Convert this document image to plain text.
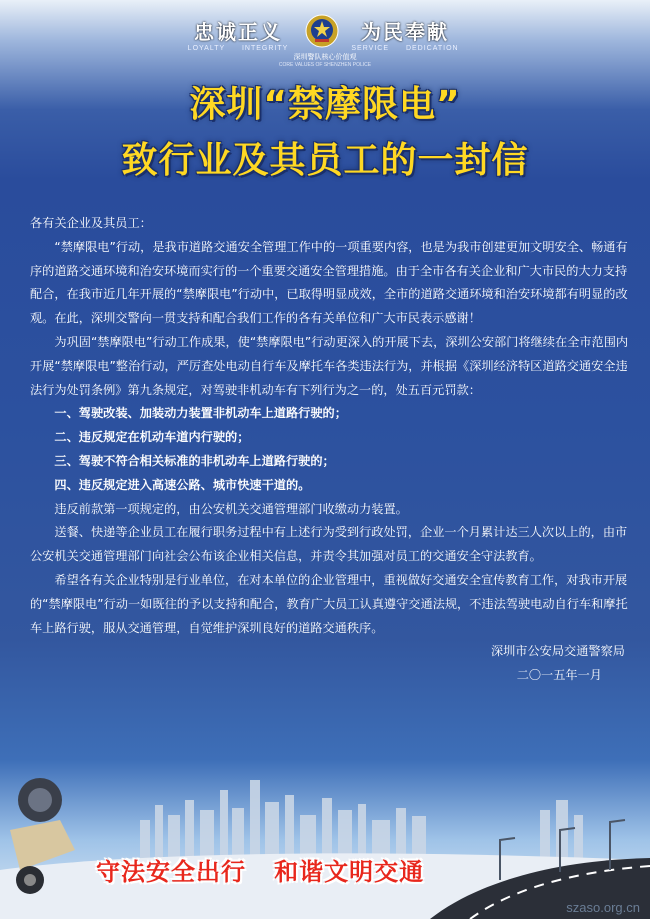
忠诚正义
LOYALTY INTEGRITY
为民奉献
SERVICE DEDICATION
深圳警队核心价值观
CORE VALUES OF SHENZHEN POLICE
深圳“禁摩限电”
致行业及其员工的一封信

各有关企业及其员工：

“禁摩限电”行动，是我市道路交通安全管理工作中的一项重要内容，也是为我市创建更加文明安全、畅通有序的道路交通环境和治安环境而实行的一个重要交通安全管理措施。由于全市各有关企业和广大市民的大力支持配合，在我市近几年开展的“禁摩限电”行动中，已取得明显成效，全市的道路交通环境和治安环境都有明显的改观。在此，深圳交警向一贯支持和配合我们工作的各有关单位和广大市民表示感谢！

为巩固“禁摩限电”行动工作成果，使“禁摩限电”行动更深入的开展下去，深圳公安部门将继续在全市范围内开展“禁摩限电”整治行动，严厉查处电动自行车及摩托车各类违法行为，并根据《深圳经济特区道路交通安全违法行为处罚条例》第九条规定，对驾驶非机动车有下列行为之一的，处五百元罚款：

一、驾驶改装、加装动力装置非机动车上道路行驶的；

二、违反规定在机动车道内行驶的；

三、驾驶不符合相关标准的非机动车上道路行驶的；

四、违反规定进入高速公路、城市快速干道的。

违反前款第一项规定的，由公安机关交通管理部门收缴动力装置。

送餐、快递等企业员工在履行职务过程中有上述行为受到行政处罚，企业一个月累计达三人次以上的，由市公安机关交通管理部门向社会公布该企业相关信息，并责令其加强对员工的交通安全守法教育。

希望各有关企业特别是行业单位，在对本单位的企业管理中，重视做好交通安全宣传教育工作，对我市开展的“禁摩限电”行动一如既往的予以支持和配合，教育广大员工认真遵守交通法规，不违法驾驶电动自行车和摩托车上路行驶，服从交通管理，自觉维护深圳良好的道路交通秩序。

深圳市公安局交通警察局

二〇一五年一月

守法安全出行   和谐文明交通
szaso.org.cn
